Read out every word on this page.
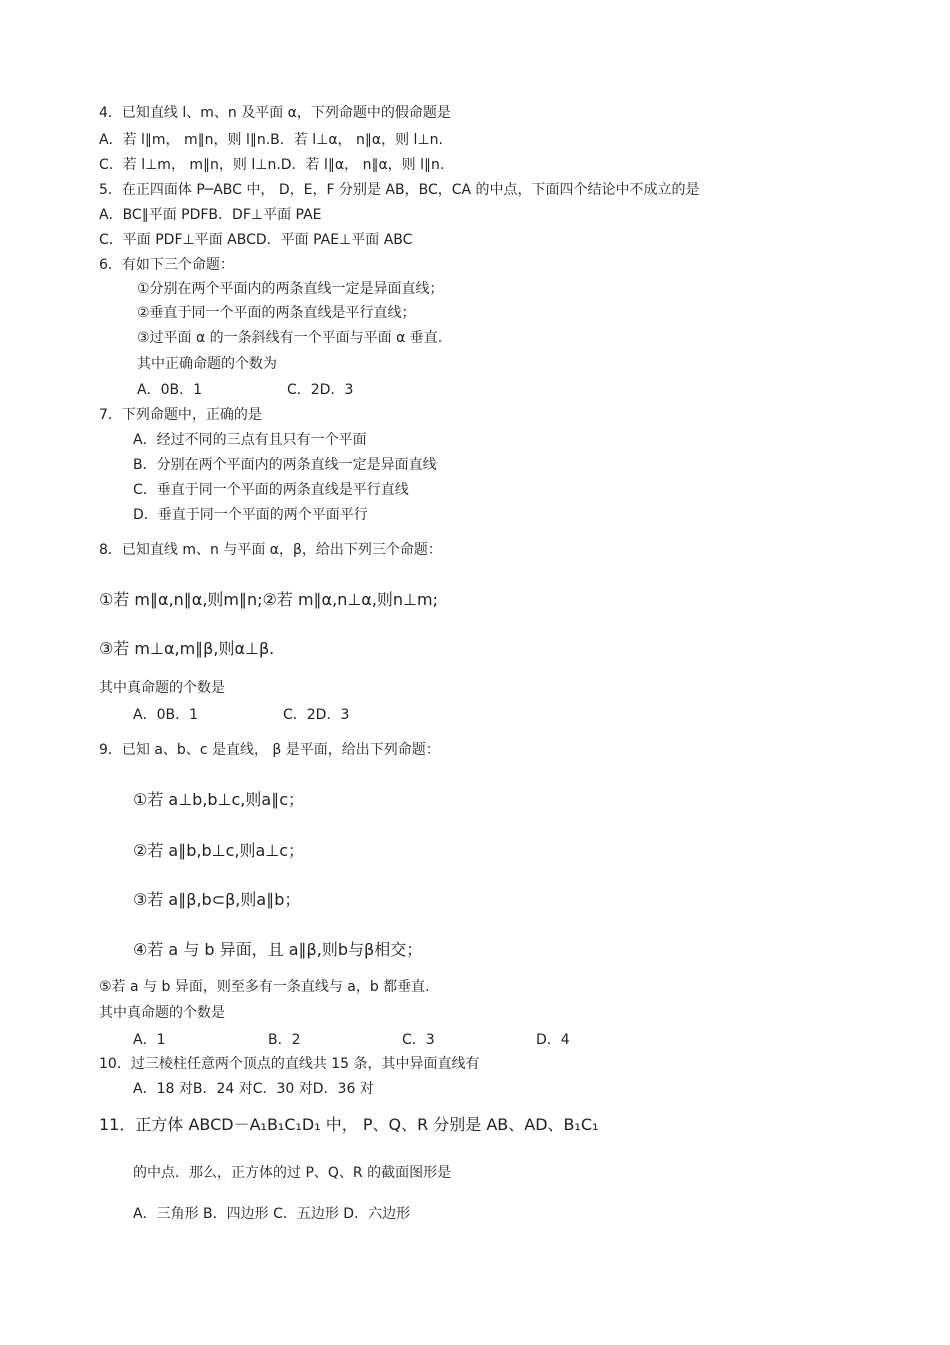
4．已知直线 l、m、n 及平面 α，下列命题中的假命题是
A．若 l∥m， m∥n，则 l∥n.B．若 l⊥α， n∥α，则 l⊥n.
C．若 l⊥m， m∥n，则 l⊥n.D．若 l∥α， n∥α，则 l∥n.
5．在正四面体 P─ABC 中， D，E，F 分别是 AB，BC，CA 的中点，下面四个结论中不成立的是
A．BC∥平面 PDFB．DF⊥平面 PAE
C．平面 PDF⊥平面 ABCD．平面 PAE⊥平面 ABC
6．有如下三个命题：
①分别在两个平面内的两条直线一定是异面直线；
②垂直于同一个平面的两条直线是平行直线；
③过平面 α 的一条斜线有一个平面与平面 α 垂直.
其中正确命题的个数为
A．0B．1	C．2D．3
7．下列命题中，正确的是
A．经过不同的三点有且只有一个平面
B．分别在两个平面内的两条直线一定是异面直线
C．垂直于同一个平面的两条直线是平行直线
D．垂直于同一个平面的两个平面平行
8．已知直线 m、n 与平面 α，β，给出下列三个命题：
①若 m∥α,n∥α,则m∥n;②若 m∥α,n⊥α,则n⊥m;
③若 m⊥α,m∥β,则α⊥β.
其中真命题的个数是
A．0B．1	C．2D．3
9．已知 a、b、c 是直线， β 是平面，给出下列命题：
①若 a⊥b,b⊥c,则a∥c；
②若 a∥b,b⊥c,则a⊥c；
③若 a∥β,b⊂β,则a∥b；
④若 a 与 b 异面，且 a∥β,则b与β相交；
⑤若 a 与 b 异面，则至多有一条直线与 a，b 都垂直.
其中真命题的个数是
A．1	B．2	C．3	D．4
10．过三棱柱任意两个顶点的直线共 15 条，其中异面直线有
A．18 对B．24 对C．30 对D．36 对
11．正方体 ABCD－A₁B₁C₁D₁ 中， P、Q、R 分别是 AB、AD、B₁C₁
的中点．那么，正方体的过 P、Q、R 的截面图形是
A．三角形 B．四边形 C．五边形 D．六边形
